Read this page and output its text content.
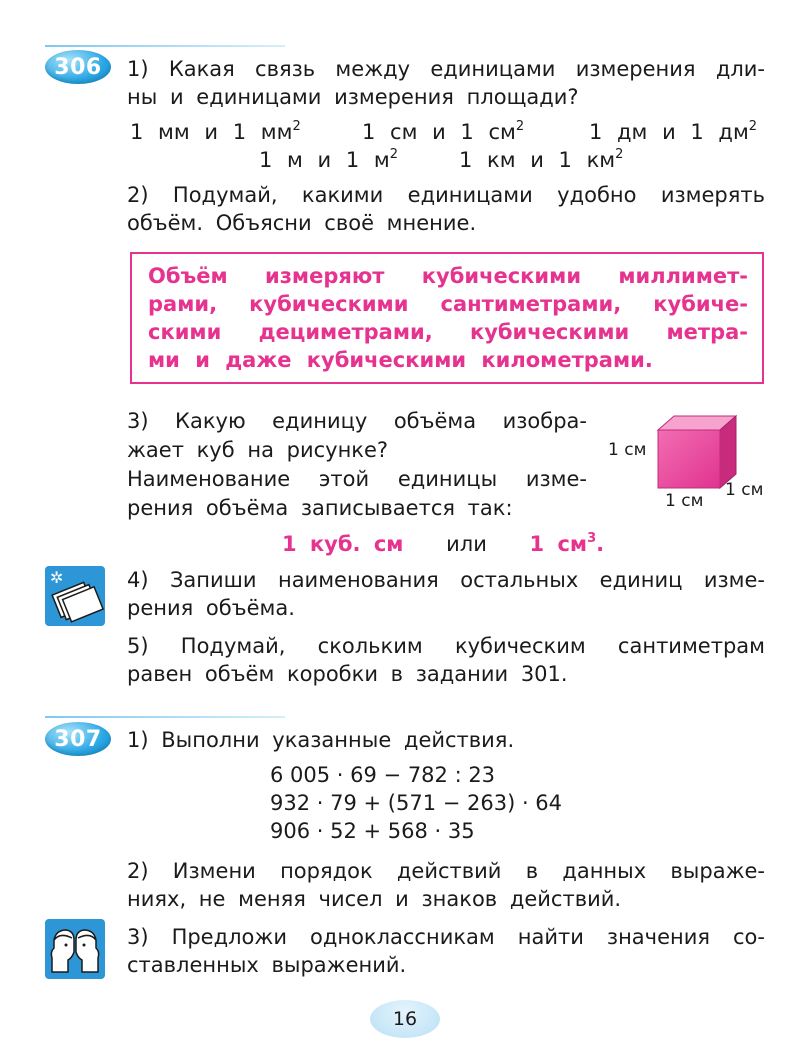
306	1) Какая связь между единицами измерения дли-
ны и единицами измерения площади?
1 мм и 1 $мм^2$	1 см и 1 $см^2$	1 дм и 1 $дм^2$
1 м и 1 $м^2$	1 км и 1 $км^2$
2) Подумай, какими единицами удобно измерять
объём. Объясни своё мнение.
Объём измеряют кубическими миллимет-
рами, кубическими сантиметрами, кубиче-
скими дециметрами, кубическими метра-
ми и даже кубическими километрами.
3) Какую единицу объёма изобра-
жает куб на рисунке?
Наименование этой единицы изме-
рения объёма записывается так:
1 см
1 см
1 см
1 куб. см или 1 $см^3$.
✲	4) Запиши наименования остальных единиц изме-
рения объёма.
5) Подумай, скольким кубическим сантиметрам
равен объём коробки в задании 301.
307	1) Выполни указанные действия.
6 005 · 69 − 782 : 23
932 · 79 + (571 − 263) · 64
906 · 52 + 568 · 35
2) Измени порядок действий в данных выраже-
ниях, не меняя чисел и знаков действий.
3) Предложи одноклассникам найти значения со-
ставленных выражений.
16
